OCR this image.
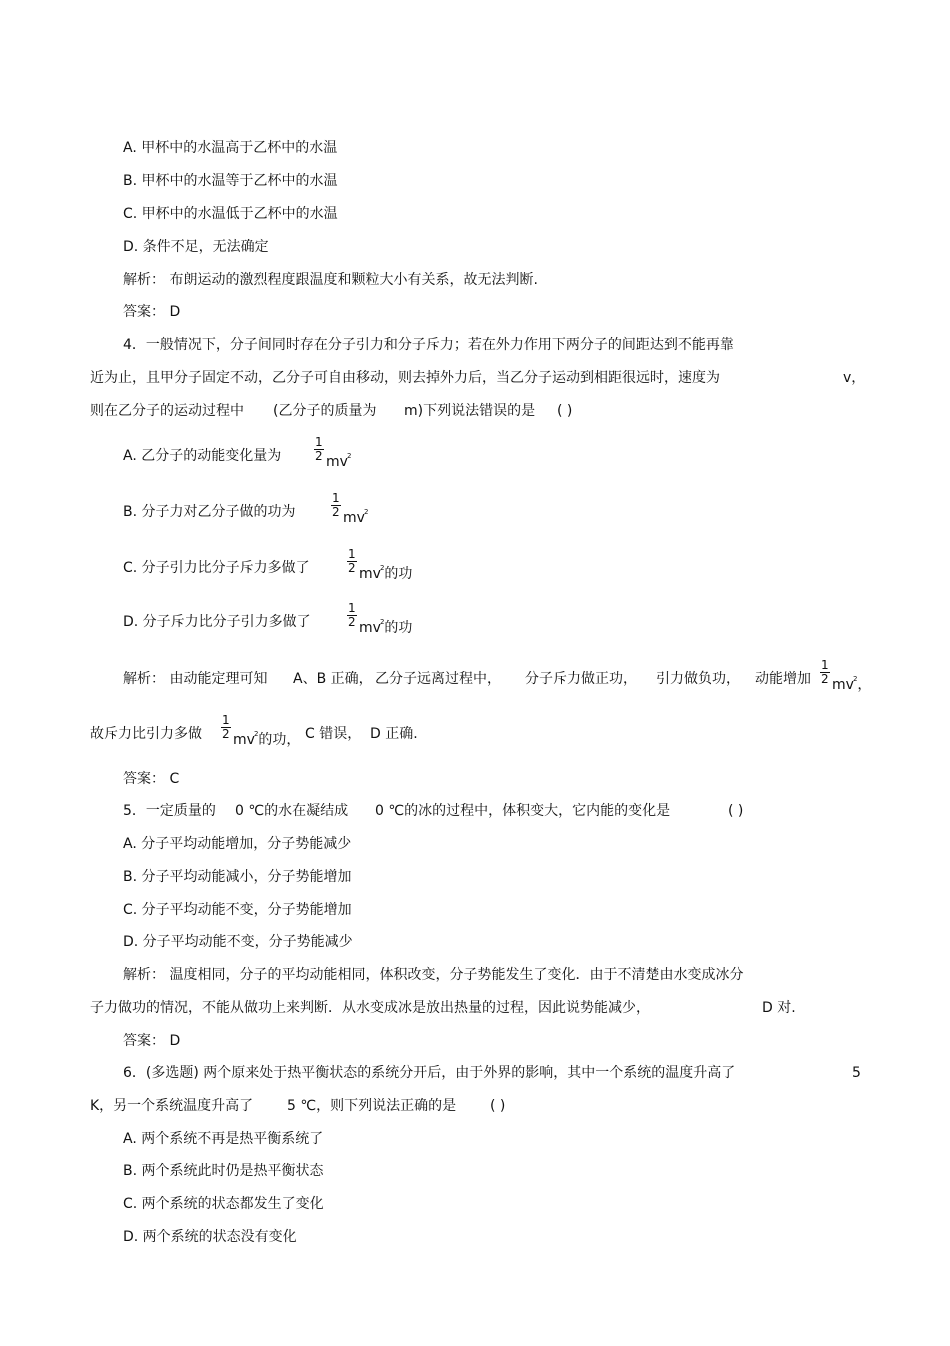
A. 甲杯中的水温高于乙杯中的水温
B. 甲杯中的水温等于乙杯中的水温
C. 甲杯中的水温低于乙杯中的水温
D. 条件不足，无法确定
解析： 布朗运动的激烈程度跟温度和颗粒大小有关系，故无法判断.
答案： D
4．一般情况下，分子间同时存在分子引力和分子斥力；若在外力作用下两分子的间距达到不能再靠
近为止，且甲分子固定不动，乙分子可自由移动，则去掉外力后，当乙分子运动到相距很远时，速度为	v，
则在乙分子的运动过程中 (乙分子的质量为 m)下列说法错误的是 ( )
A. 乙分子的动能变化量为	$\frac{1}{2} mv^2$
B. 分子力对乙分子做的功为	$\frac{1}{2} mv^2$
C. 分子引力比分子斥力多做了	$\frac{1}{2} mv^2$的功
D. 分子斥力比分子引力多做了	$\frac{1}{2} mv^2$的功
解析： 由动能定理可知 A、B 正确， 乙分子远离过程中， 分子斥力做正功， 引力做负功， 动能增加 $\frac{1}{2} mv^2$，
故斥力比引力多做 $\frac{1}{2} mv^2$的功， C 错误， D 正确.
答案： C
5．一定质量的 0 ℃的水在凝结成 0 ℃的冰的过程中，体积变大，它内能的变化是	( )
A. 分子平均动能增加，分子势能减少
B. 分子平均动能减小，分子势能增加
C. 分子平均动能不变，分子势能增加
D. 分子平均动能不变，分子势能减少
解析： 温度相同，分子的平均动能相同，体积改变，分子势能发生了变化．由于不清楚由水变成冰分
子力做功的情况，不能从做功上来判断．从水变成冰是放出热量的过程，因此说势能减少，	D 对.
答案： D
6．(多选题) 两个原来处于热平衡状态的系统分开后，由于外界的影响，其中一个系统的温度升高了	5
K，另一个系统温度升高了 5 ℃，则下列说法正确的是 ( )
A. 两个系统不再是热平衡系统了
B. 两个系统此时仍是热平衡状态
C. 两个系统的状态都发生了变化
D. 两个系统的状态没有变化
